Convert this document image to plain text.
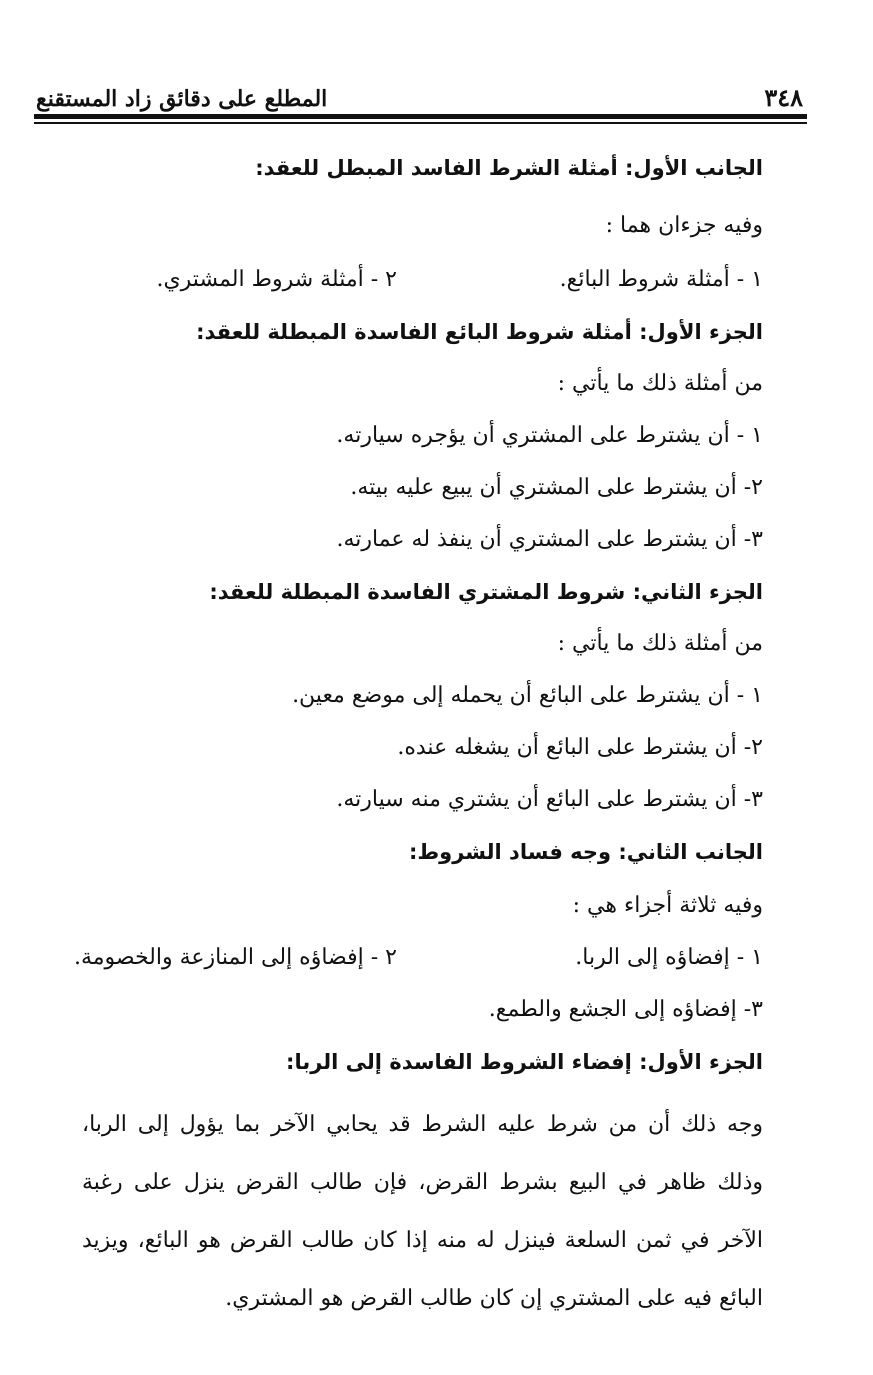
٣٤٨
المطلع على دقائق زاد المستقنع
الجانب الأول: أمثلة الشرط الفاسد المبطل للعقد:
وفيه جزءان هما :
١ - أمثلة شروط البائع.
٢ - أمثلة شروط المشتري.
الجزء الأول: أمثلة شروط البائع الفاسدة المبطلة للعقد:
من أمثلة ذلك ما يأتي :
١ - أن يشترط على المشتري أن يؤجره سيارته.
٢- أن يشترط على المشتري أن يبيع عليه بيته.
٣- أن يشترط على المشتري أن ينفذ له عمارته.
الجزء الثاني: شروط المشتري الفاسدة المبطلة للعقد:
من أمثلة ذلك ما يأتي :
١ - أن يشترط على البائع أن يحمله إلى موضع معين.
٢- أن يشترط على البائع أن يشغله عنده.
٣- أن يشترط على البائع أن يشتري منه سيارته.
الجانب الثاني: وجه فساد الشروط:
وفيه ثلاثة أجزاء هي :
١ - إفضاؤه إلى الربا.
٢ - إفضاؤه إلى المنازعة والخصومة.
٣- إفضاؤه إلى الجشع والطمع.
الجزء الأول: إفضاء الشروط الفاسدة إلى الربا:
وجه ذلك أن من شرط عليه الشرط قد يحابي الآخر بما يؤول إلى الربا، وذلك ظاهر في البيع بشرط القرض، فإن طالب القرض ينزل على رغبة الآخر في ثمن السلعة فينزل له منه إذا كان طالب القرض هو البائع، ويزيد البائع فيه على المشتري إن كان طالب القرض هو المشتري.
